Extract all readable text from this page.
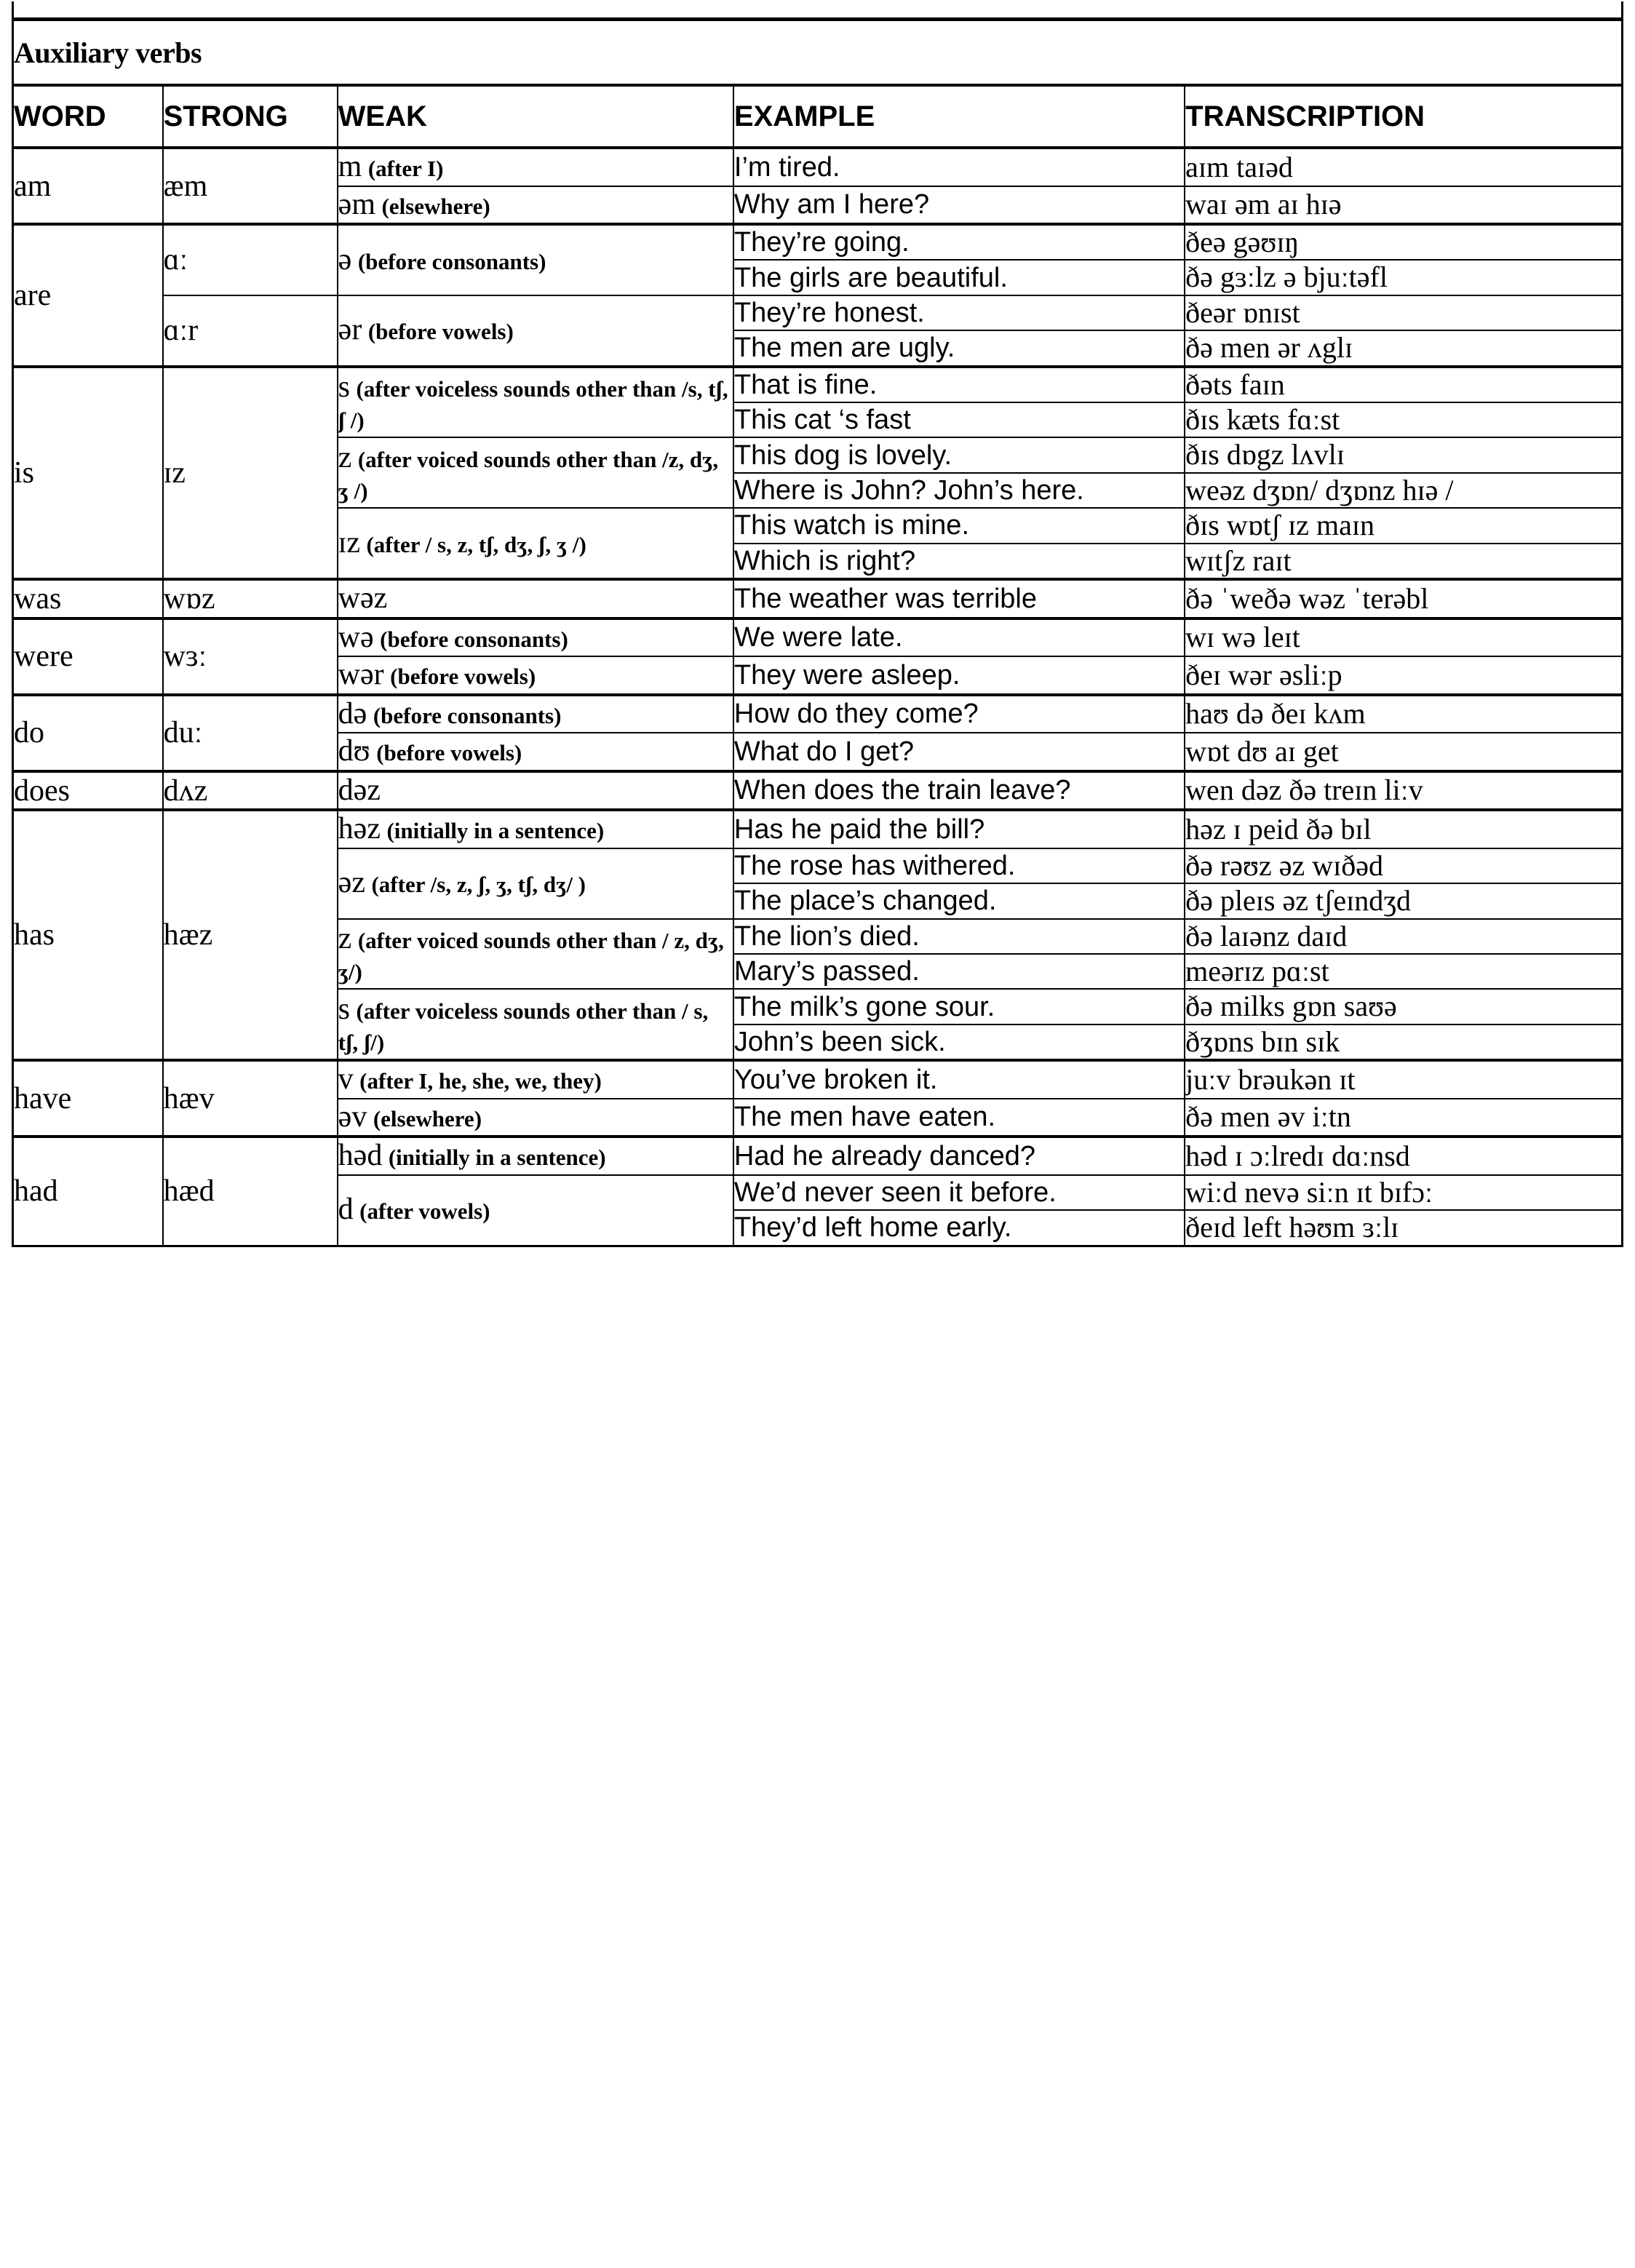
Auxiliary verbs				
WORD	STRONG	WEAK	EXAMPLE	TRANSCRIPTION
am	æm	m (after I)	I’m tired.	aɪm taɪəd
		əm (elsewhere)	Why am I here?	waɪ əm aɪ hɪə
are	ɑː	ə (before consonants)	They’re going.	ðeə gəʊɪŋ
			The girls are beautiful.	ðə gɜːlz ə bjuːtəfl
	ɑːr	ər (before vowels)	They’re honest.	ðeər ɒnɪst
			The men are ugly.	ðə men ər ʌglɪ
is	ɪz	s (after voiceless sounds other than /s, tʃ, ʃ /)	That is fine.	ðəts faɪn
			This cat ‘s fast	ðɪs kæts fɑːst
		z (after voiced sounds other than /z, dʒ, ʒ /)	This dog is lovely.	ðɪs dɒgz lʌvlɪ
			Where is John? John’s here.	weəz dʒɒn/ dʒɒnz hɪə /
		ɪz (after / s, z, tʃ, dʒ, ʃ, ʒ /)	This watch is mine.	ðɪs wɒtʃ ɪz maɪn
			Which is right?	wɪtʃz raɪt
was	wɒz	wəz	The weather was terrible	ðə ˈweðə wəz ˈterəbl
were	wɜː	wə (before consonants)	We were late.	wɪ wə leɪt
		wər (before vowels)	They were asleep.	ðeɪ wər əsliːp
do	duː	də (before consonants)	How do they come?	haʊ də ðeɪ kʌm
		dʊ (before vowels)	What do I get?	wɒt dʊ aɪ get
does	dʌz	dəz	When does the train leave?	wen dəz ðə treɪn liːv
has	hæz	həz (initially in a sentence)	Has he paid the bill?	həz ɪ peid ðə bɪl
		əz (after /s, z, ʃ, ʒ, tʃ, dʒ/ )	The rose has withered.	ðə rəʊz əz wɪðəd
			The place’s changed.	ðə pleɪs əz tʃeɪndʒd
		z (after voiced sounds other than / z, dʒ, ʒ/)	The lion’s died.	ðə laɪənz daɪd
			Mary’s passed.	meərɪz pɑːst
		s (after voiceless sounds other than / s, tʃ, ʃ/)	The milk’s gone sour.	ðə milks gɒn saʊə
			John’s been sick.	ðʒɒns bɪn sɪk
have	hæv	v (after I, he, she, we, they)	You’ve broken it.	juːv brəukən ɪt
		əv (elsewhere)	The men have eaten.	ðə men əv iːtn
had	hæd	həd (initially in a sentence)	Had he already danced?	həd ɪ ɔːlredɪ dɑːnsd
		d (after vowels)	We’d never seen it before.	wiːd nevə siːn ɪt bɪfɔː
			They’d left home early.	ðeɪd left həʊm ɜːlɪ
